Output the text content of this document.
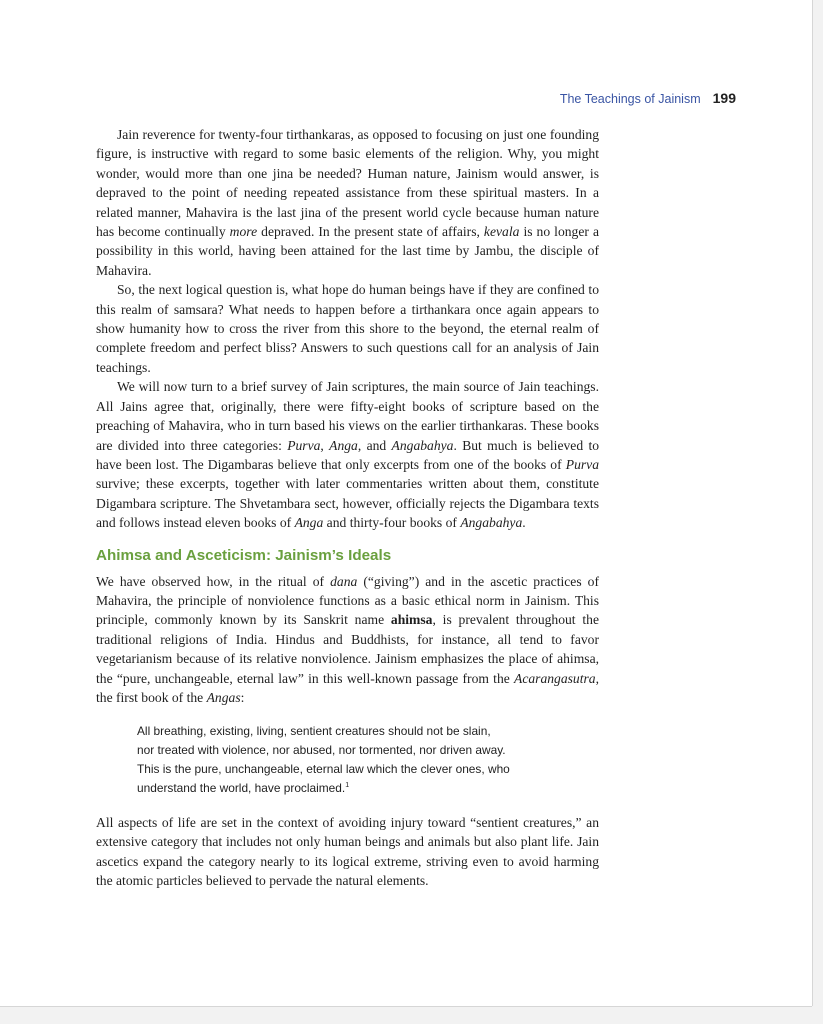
The Teachings of Jainism 199

Jain reverence for twenty-four tirthankaras, as opposed to focusing on just one founding figure, is instructive with regard to some basic elements of the religion. Why, you might wonder, would more than one jina be needed? Human nature, Jainism would answer, is depraved to the point of needing repeated assistance from these spiritual masters. In a related manner, Mahavira is the last jina of the present world cycle because human nature has become continually more depraved. In the present state of affairs, kevala is no longer a possibility in this world, having been attained for the last time by Jambu, the disciple of Mahavira.

So, the next logical question is, what hope do human beings have if they are confined to this realm of samsara? What needs to happen before a tirthankara once again appears to show humanity how to cross the river from this shore to the beyond, the eternal realm of complete freedom and perfect bliss? Answers to such questions call for an analysis of Jain teachings.

We will now turn to a brief survey of Jain scriptures, the main source of Jain teachings. All Jains agree that, originally, there were fifty-eight books of scripture based on the preaching of Mahavira, who in turn based his views on the earlier tirthankaras. These books are divided into three categories: Purva, Anga, and Angabahya. But much is believed to have been lost. The Digambaras believe that only excerpts from one of the books of Purva survive; these excerpts, together with later commentaries written about them, constitute Digambara scripture. The Shvetambara sect, however, officially rejects the Digambara texts and follows instead eleven books of Anga and thirty-four books of Angabahya.

Ahimsa and Asceticism: Jainism’s Ideals

We have observed how, in the ritual of dana (“giving”) and in the ascetic practices of Mahavira, the principle of nonviolence functions as a basic ethical norm in Jainism. This principle, commonly known by its Sanskrit name ahimsa, is prevalent throughout the traditional religions of India. Hindus and Buddhists, for instance, all tend to favor vegetarianism because of its relative nonviolence. Jainism emphasizes the place of ahimsa, the “pure, unchangeable, eternal law” in this well-known passage from the Acarangasutra, the first book of the Angas:

All breathing, existing, living, sentient creatures should not be slain,
nor treated with violence, nor abused, nor tormented, nor driven away.
This is the pure, unchangeable, eternal law which the clever ones, who
understand the world, have proclaimed.$^1$

All aspects of life are set in the context of avoiding injury toward “sentient creatures,” an extensive category that includes not only human beings and animals but also plant life. Jain ascetics expand the category nearly to its logical extreme, striving even to avoid harming the atomic particles believed to pervade the natural elements.
